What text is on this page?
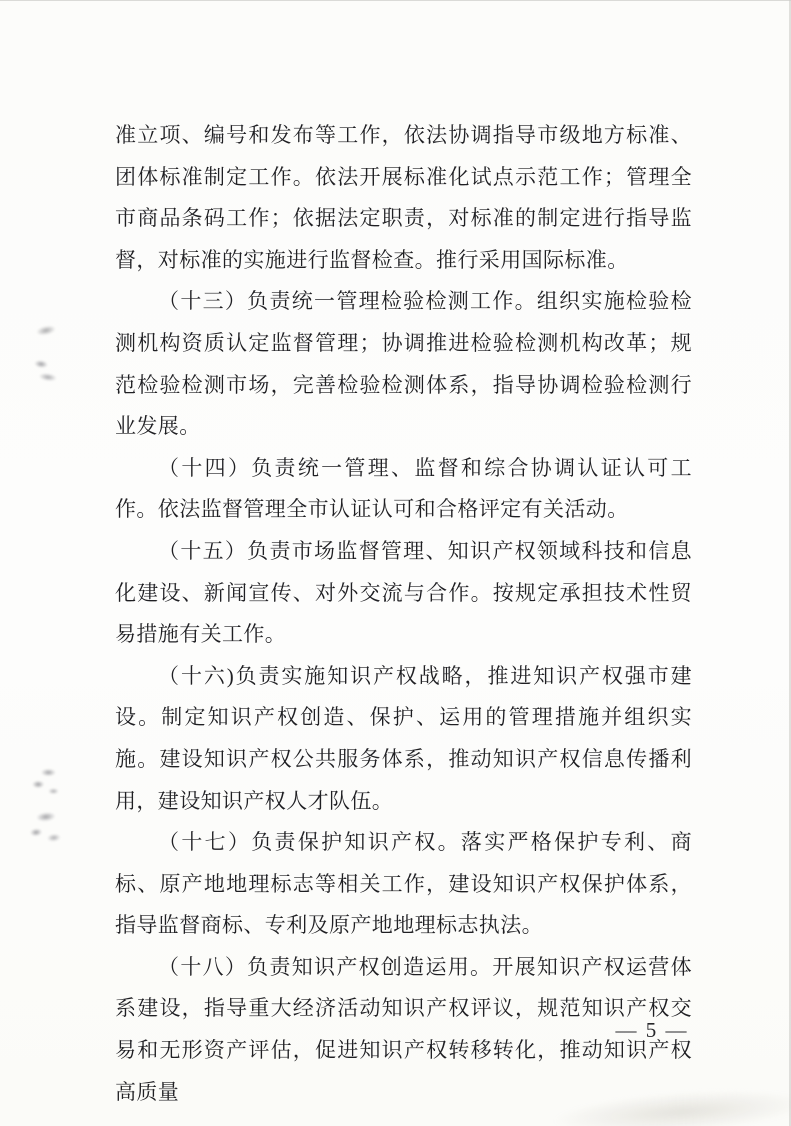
准立项、编号和发布等工作，依法协调指导市级地方标准、团体标准制定工作。依法开展标准化试点示范工作；管理全市商品条码工作；依据法定职责，对标准的制定进行指导监督，对标准的实施进行监督检查。推行采用国际标准。

（十三）负责统一管理检验检测工作。组织实施检验检测机构资质认定监督管理；协调推进检验检测机构改革；规范检验检测市场，完善检验检测体系，指导协调检验检测行业发展。

（十四）负责统一管理、监督和综合协调认证认可工作。依法监督管理全市认证认可和合格评定有关活动。

（十五）负责市场监督管理、知识产权领域科技和信息化建设、新闻宣传、对外交流与合作。按规定承担技术性贸易措施有关工作。

（十六)负责实施知识产权战略，推进知识产权强市建设。制定知识产权创造、保护、运用的管理措施并组织实施。建设知识产权公共服务体系，推动知识产权信息传播利用，建设知识产权人才队伍。

（十七）负责保护知识产权。落实严格保护专利、商标、原产地地理标志等相关工作，建设知识产权保护体系，指导监督商标、专利及原产地地理标志执法。

（十八）负责知识产权创造运用。开展知识产权运营体系建设，指导重大经济活动知识产权评议，规范知识产权交易和无形资产评估，促进知识产权转移转化，推动知识产权高质量

— 5 —
